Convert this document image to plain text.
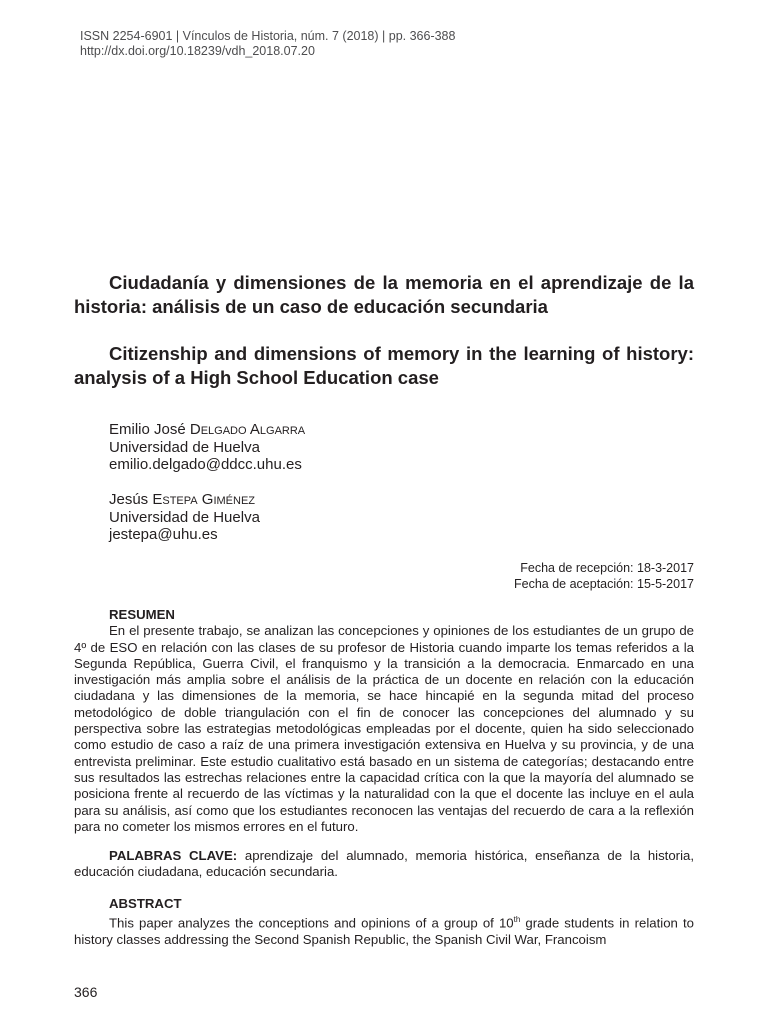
ISSN 2254-6901 | Vínculos de Historia, núm. 7 (2018) | pp. 366-388
http://dx.doi.org/10.18239/vdh_2018.07.20

Ciudadanía y dimensiones de la memoria en el aprendizaje de la historia: análisis de un caso de educación secundaria

Citizenship and dimensions of memory in the learning of history: analysis of a High School Education case

Emilio José Delgado Algarra
Universidad de Huelva
emilio.delgado@ddcc.uhu.es
Jesús Estepa Giménez
Universidad de Huelva
jestepa@uhu.es
Fecha de recepción: 18-3-2017
Fecha de aceptación: 15-5-2017
RESUMEN

En el presente trabajo, se analizan las concepciones y opiniones de los estudiantes de un grupo de 4º de ESO en relación con las clases de su profesor de Historia cuando imparte los temas referidos a la Segunda República, Guerra Civil, el franquismo y la transición a la democracia. Enmarcado en una investigación más amplia sobre el análisis de la práctica de un docente en relación con la educación ciudadana y las dimensiones de la memoria, se hace hincapié en la segunda mitad del proceso metodológico de doble triangulación con el fin de conocer las concepciones del alumnado y su perspectiva sobre las estrategias metodológicas empleadas por el docente, quien ha sido seleccionado como estudio de caso a raíz de una primera investigación extensiva en Huelva y su provincia, y de una entrevista preliminar. Este estudio cualitativo está basado en un sistema de categorías; destacando entre sus resultados las estrechas relaciones entre la capacidad crítica con la que la mayoría del alumnado se posiciona frente al recuerdo de las víctimas y la naturalidad con la que el docente las incluye en el aula para su análisis, así como que los estudiantes reconocen las ventajas del recuerdo de cara a la reflexión para no cometer los mismos errores en el futuro.

PALABRAS CLAVE: aprendizaje del alumnado, memoria histórica, enseñanza de la historia, educación ciudadana, educación secundaria.

ABSTRACT

This paper analyzes the conceptions and opinions of a group of 10th grade students in relation to history classes addressing the Second Spanish Republic, the Spanish Civil War, Francoism

366
